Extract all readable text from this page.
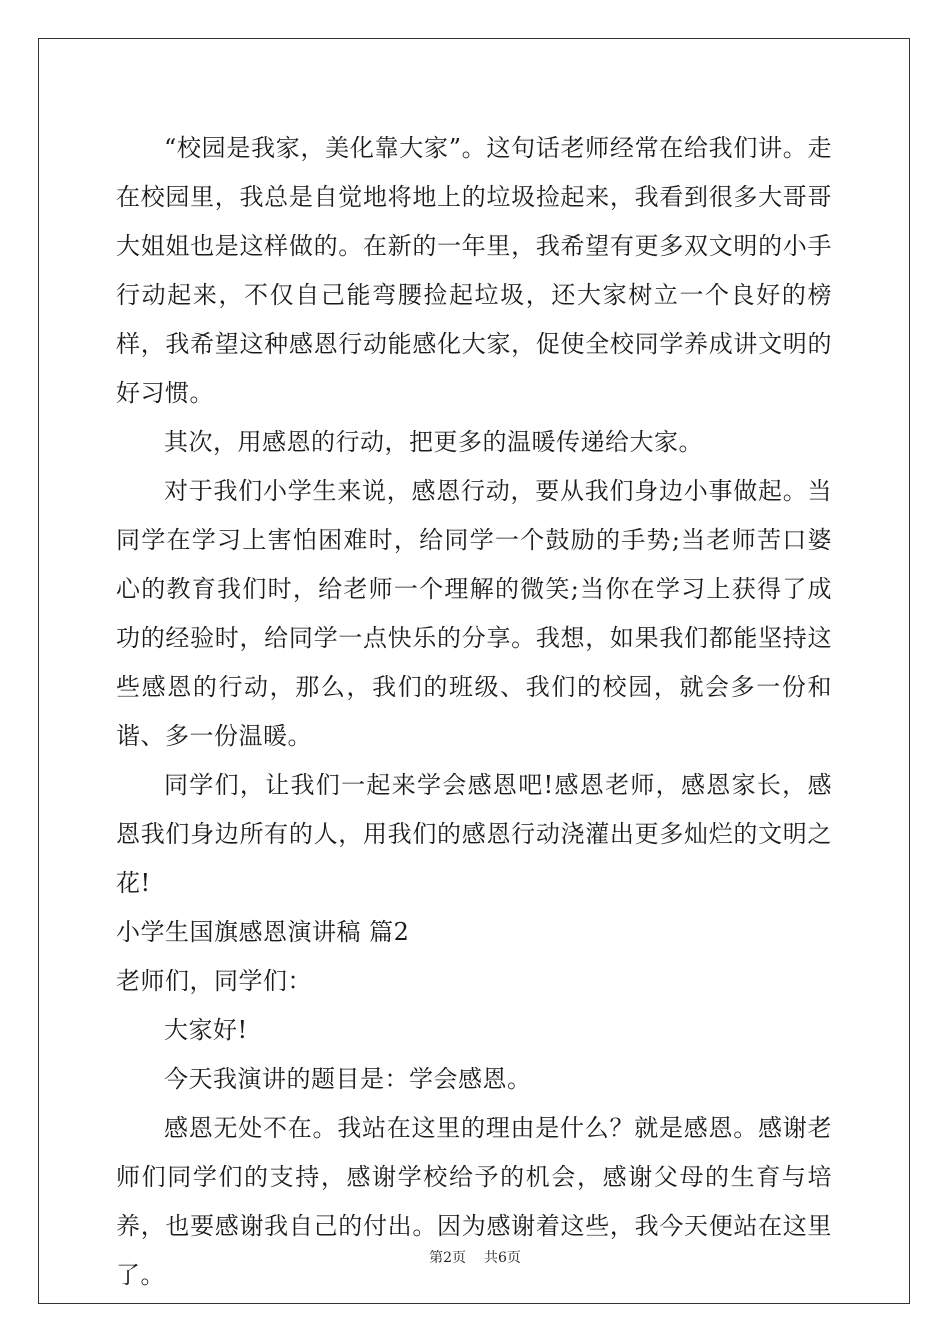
“校园是我家，美化靠大家”。这句话老师经常在给我们讲。走在校园里，我总是自觉地将地上的垃圾捡起来，我看到很多大哥哥大姐姐也是这样做的。在新的一年里，我希望有更多双文明的小手行动起来，不仅自己能弯腰捡起垃圾，还大家树立一个良好的榜样，我希望这种感恩行动能感化大家，促使全校同学养成讲文明的好习惯。

其次，用感恩的行动，把更多的温暖传递给大家。

对于我们小学生来说，感恩行动，要从我们身边小事做起。当同学在学习上害怕困难时，给同学一个鼓励的手势;当老师苦口婆心的教育我们时，给老师一个理解的微笑;当你在学习上获得了成功的经验时，给同学一点快乐的分享。我想，如果我们都能坚持这些感恩的行动，那么，我们的班级、我们的校园，就会多一份和谐、多一份温暖。

同学们，让我们一起来学会感恩吧!感恩老师，感恩家长，感恩我们身边所有的人，用我们的感恩行动浇灌出更多灿烂的文明之花!

小学生国旗感恩演讲稿 篇2

老师们，同学们：

大家好!

今天我演讲的题目是：学会感恩。

感恩无处不在。我站在这里的理由是什么？就是感恩。感谢老师们同学们的支持，感谢学校给予的机会，感谢父母的生育与培养，也要感谢我自己的付出。因为感谢着这些，我今天便站在这里了。

第2页 共6页
